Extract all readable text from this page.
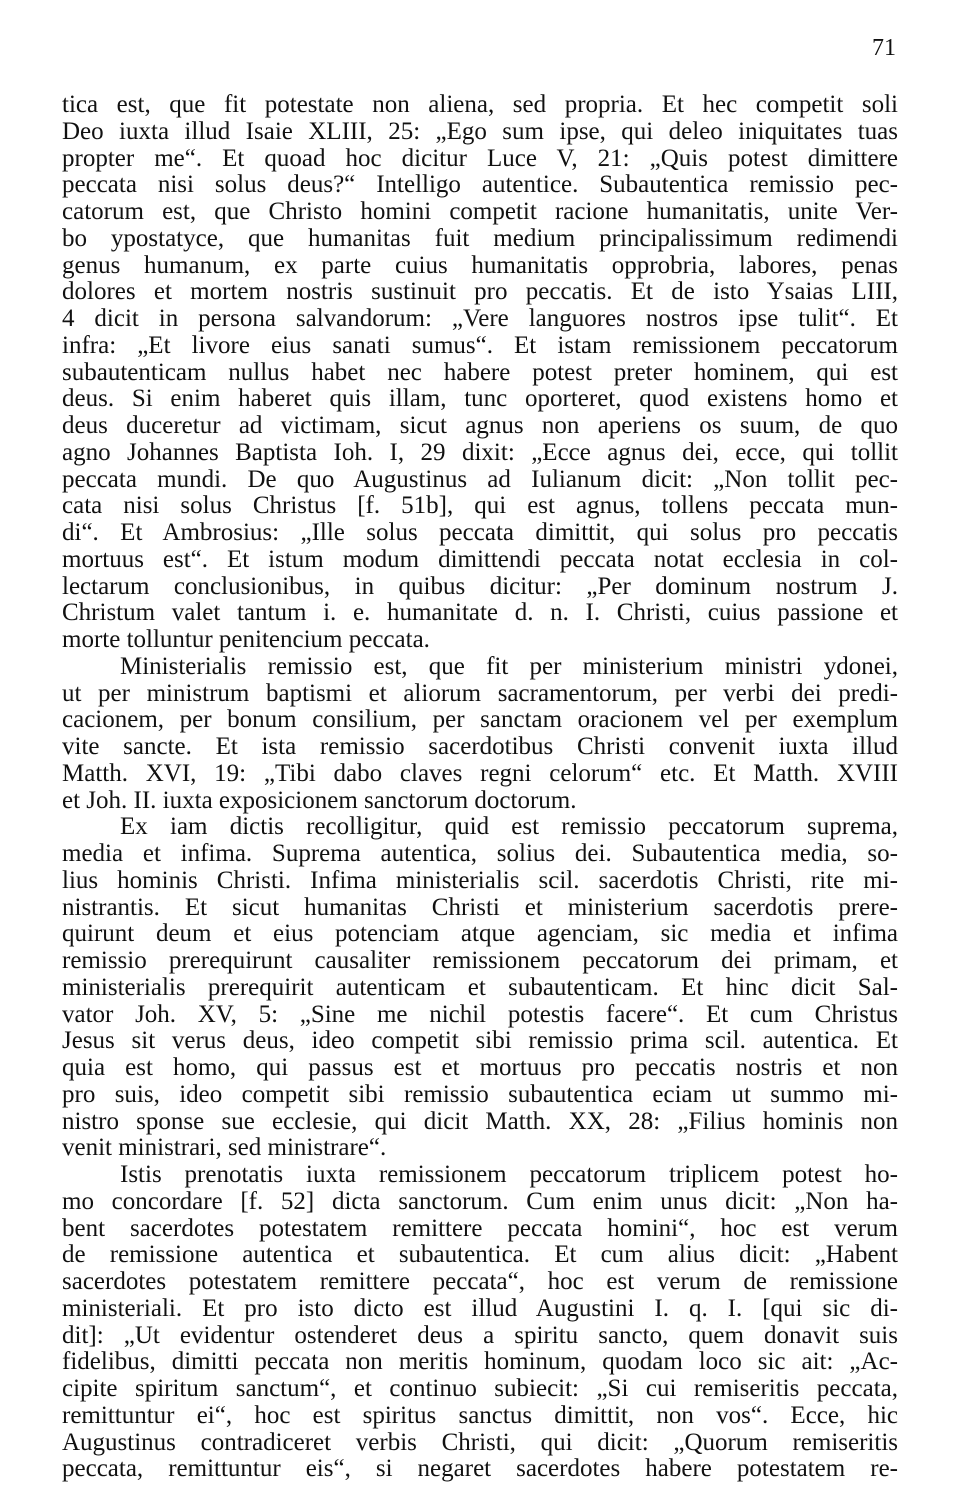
71
tica est, que fit potestate non aliena, sed propria. Et hec competit soli
Deo iuxta illud Isaie XLIII, 25: „Ego sum ipse, qui deleo iniquitates tuas
propter me“. Et quoad hoc dicitur Luce V, 21: „Quis potest dimittere
peccata nisi solus deus?“ Intelligo autentice. Subautentica remissio pec-
catorum est, que Christo homini competit racione humanitatis, unite Ver-
bo ypostatyce, que humanitas fuit medium principalissimum redimendi
genus humanum, ex parte cuius humanitatis opprobria, labores, penas
dolores et mortem nostris sustinuit pro peccatis. Et de isto Ysaias LIII,
4 dicit in persona salvandorum: „Vere languores nostros ipse tulit“. Et
infra: „Et livore eius sanati sumus“. Et istam remissionem peccatorum
subautenticam nullus habet nec habere potest preter hominem, qui est
deus. Si enim haberet quis illam, tunc oporteret, quod existens homo et
deus duceretur ad victimam, sicut agnus non aperiens os suum, de quo
agno Johannes Baptista Ioh. I, 29 dixit: „Ecce agnus dei, ecce, qui tollit
peccata mundi. De quo Augustinus ad Iulianum dicit: „Non tollit pec-
cata nisi solus Christus [f. 51b], qui est agnus, tollens peccata mun-
di“. Et Ambrosius: „Ille solus peccata dimittit, qui solus pro peccatis
mortuus est“. Et istum modum dimittendi peccata notat ecclesia in col-
lectarum conclusionibus, in quibus dicitur: „Per dominum nostrum J.
Christum valet tantum i. e. humanitate d. n. I. Christi, cuius passione et
morte tolluntur penitencium peccata.
Ministerialis remissio est, que fit per ministerium ministri ydonei,
ut per ministrum baptismi et aliorum sacramentorum, per verbi dei predi-
cacionem, per bonum consilium, per sanctam oracionem vel per exemplum
vite sancte. Et ista remissio sacerdotibus Christi convenit iuxta illud
Matth. XVI, 19: „Tibi dabo claves regni celorum“ etc. Et Matth. XVIII
et Joh. II. iuxta exposicionem sanctorum doctorum.
Ex iam dictis recolligitur, quid est remissio peccatorum suprema,
media et infima. Suprema autentica, solius dei. Subautentica media, so-
lius hominis Christi. Infima ministerialis scil. sacerdotis Christi, rite mi-
nistrantis. Et sicut humanitas Christi et ministerium sacerdotis prere-
quirunt deum et eius potenciam atque agenciam, sic media et infima
remissio prerequirunt causaliter remissionem peccatorum dei primam, et
ministerialis prerequirit autenticam et subautenticam. Et hinc dicit Sal-
vator Joh. XV, 5: „Sine me nichil potestis facere“. Et cum Christus
Jesus sit verus deus, ideo competit sibi remissio prima scil. autentica. Et
quia est homo, qui passus est et mortuus pro peccatis nostris et non
pro suis, ideo competit sibi remissio subautentica eciam ut summo mi-
nistro sponse sue ecclesie, qui dicit Matth. XX, 28: „Filius hominis non
venit ministrari, sed ministrare“.
Istis prenotatis iuxta remissionem peccatorum triplicem potest ho-
mo concordare [f. 52] dicta sanctorum. Cum enim unus dicit: „Non ha-
bent sacerdotes potestatem remittere peccata homini“, hoc est verum
de remissione autentica et subautentica. Et cum alius dicit: „Habent
sacerdotes potestatem remittere peccata“, hoc est verum de remissione
ministeriali. Et pro isto dicto est illud Augustini I. q. I. [qui sic di-
dit]: „Ut evidentur ostenderet deus a spiritu sancto, quem donavit suis
fidelibus, dimitti peccata non meritis hominum, quodam loco sic ait: „Ac-
cipite spiritum sanctum“, et continuo subiecit: „Si cui remiseritis peccata,
remittuntur ei“, hoc est spiritus sanctus dimittit, non vos“. Ecce, hic
Augustinus contradiceret verbis Christi, qui dicit: „Quorum remiseritis
peccata, remittuntur eis“, si negaret sacerdotes habere potestatem re-
